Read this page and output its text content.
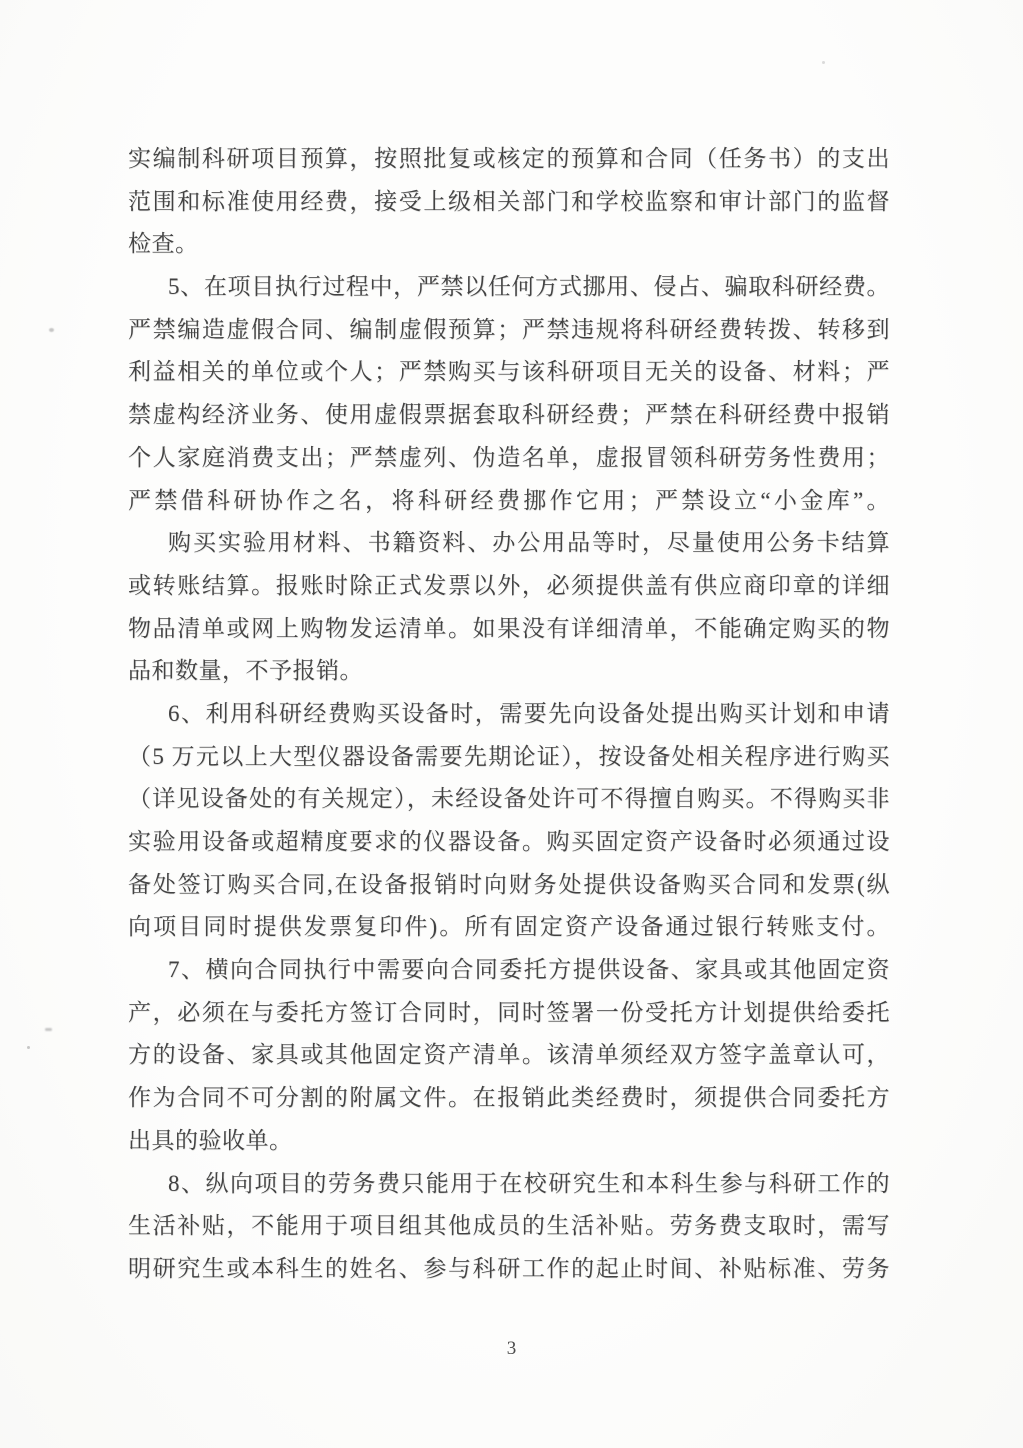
实编制科研项目预算，按照批复或核定的预算和合同（任务书）的支出
范围和标准使用经费，接受上级相关部门和学校监察和审计部门的监督
检查。
5、在项目执行过程中，严禁以任何方式挪用、侵占、骗取科研经费。
严禁编造虚假合同、编制虚假预算；严禁违规将科研经费转拨、转移到
利益相关的单位或个人；严禁购买与该科研项目无关的设备、材料；严
禁虚构经济业务、使用虚假票据套取科研经费；严禁在科研经费中报销
个人家庭消费支出；严禁虚列、伪造名单，虚报冒领科研劳务性费用；
严禁借科研协作之名，将科研经费挪作它用；严禁设立“小金库”。
购买实验用材料、书籍资料、办公用品等时，尽量使用公务卡结算
或转账结算。报账时除正式发票以外，必须提供盖有供应商印章的详细
物品清单或网上购物发运清单。如果没有详细清单，不能确定购买的物
品和数量，不予报销。
6、利用科研经费购买设备时，需要先向设备处提出购买计划和申请
（5 万元以上大型仪器设备需要先期论证），按设备处相关程序进行购买
（详见设备处的有关规定），未经设备处许可不得擅自购买。不得购买非
实验用设备或超精度要求的仪器设备。购买固定资产设备时必须通过设
备处签订购买合同,在设备报销时向财务处提供设备购买合同和发票(纵
向项目同时提供发票复印件)。所有固定资产设备通过银行转账支付。
7、横向合同执行中需要向合同委托方提供设备、家具或其他固定资
产，必须在与委托方签订合同时，同时签署一份受托方计划提供给委托
方的设备、家具或其他固定资产清单。该清单须经双方签字盖章认可，
作为合同不可分割的附属文件。在报销此类经费时，须提供合同委托方
出具的验收单。
8、纵向项目的劳务费只能用于在校研究生和本科生参与科研工作的
生活补贴，不能用于项目组其他成员的生活补贴。劳务费支取时，需写
明研究生或本科生的姓名、参与科研工作的起止时间、补贴标准、劳务
3
